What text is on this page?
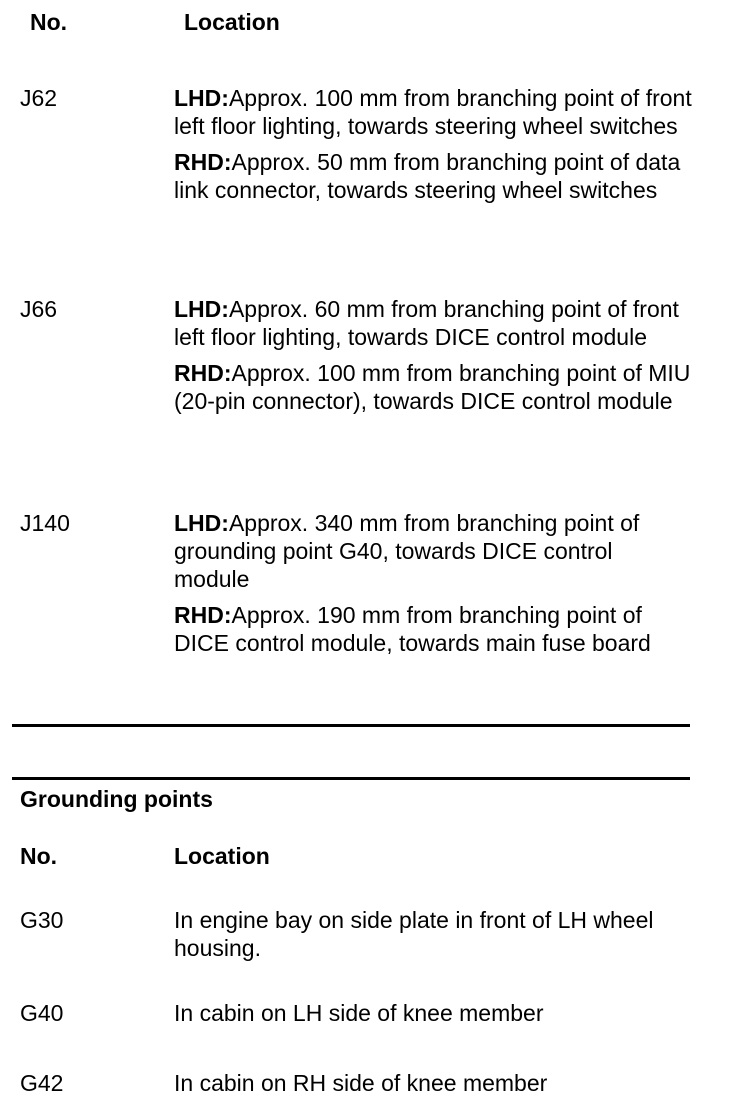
No.	Location
J62	LHD:Approx. 100 mm from branching point of front left floor lighting, towards steering wheel switches
RHD:Approx. 50 mm from branching point of data link connector, towards steering wheel switches
J66	LHD:Approx. 60 mm from branching point of front left floor lighting, towards DICE control module
RHD:Approx. 100 mm from branching point of MIU (20-pin connector), towards DICE control module
J140	LHD:Approx. 340 mm from branching point of grounding point G40, towards DICE control module
RHD:Approx. 190 mm from branching point of DICE control module, towards main fuse board
Grounding points
No.	Location
G30	In engine bay on side plate in front of LH wheel housing.
G40	In cabin on LH side of knee member
G42	In cabin on RH side of knee member
